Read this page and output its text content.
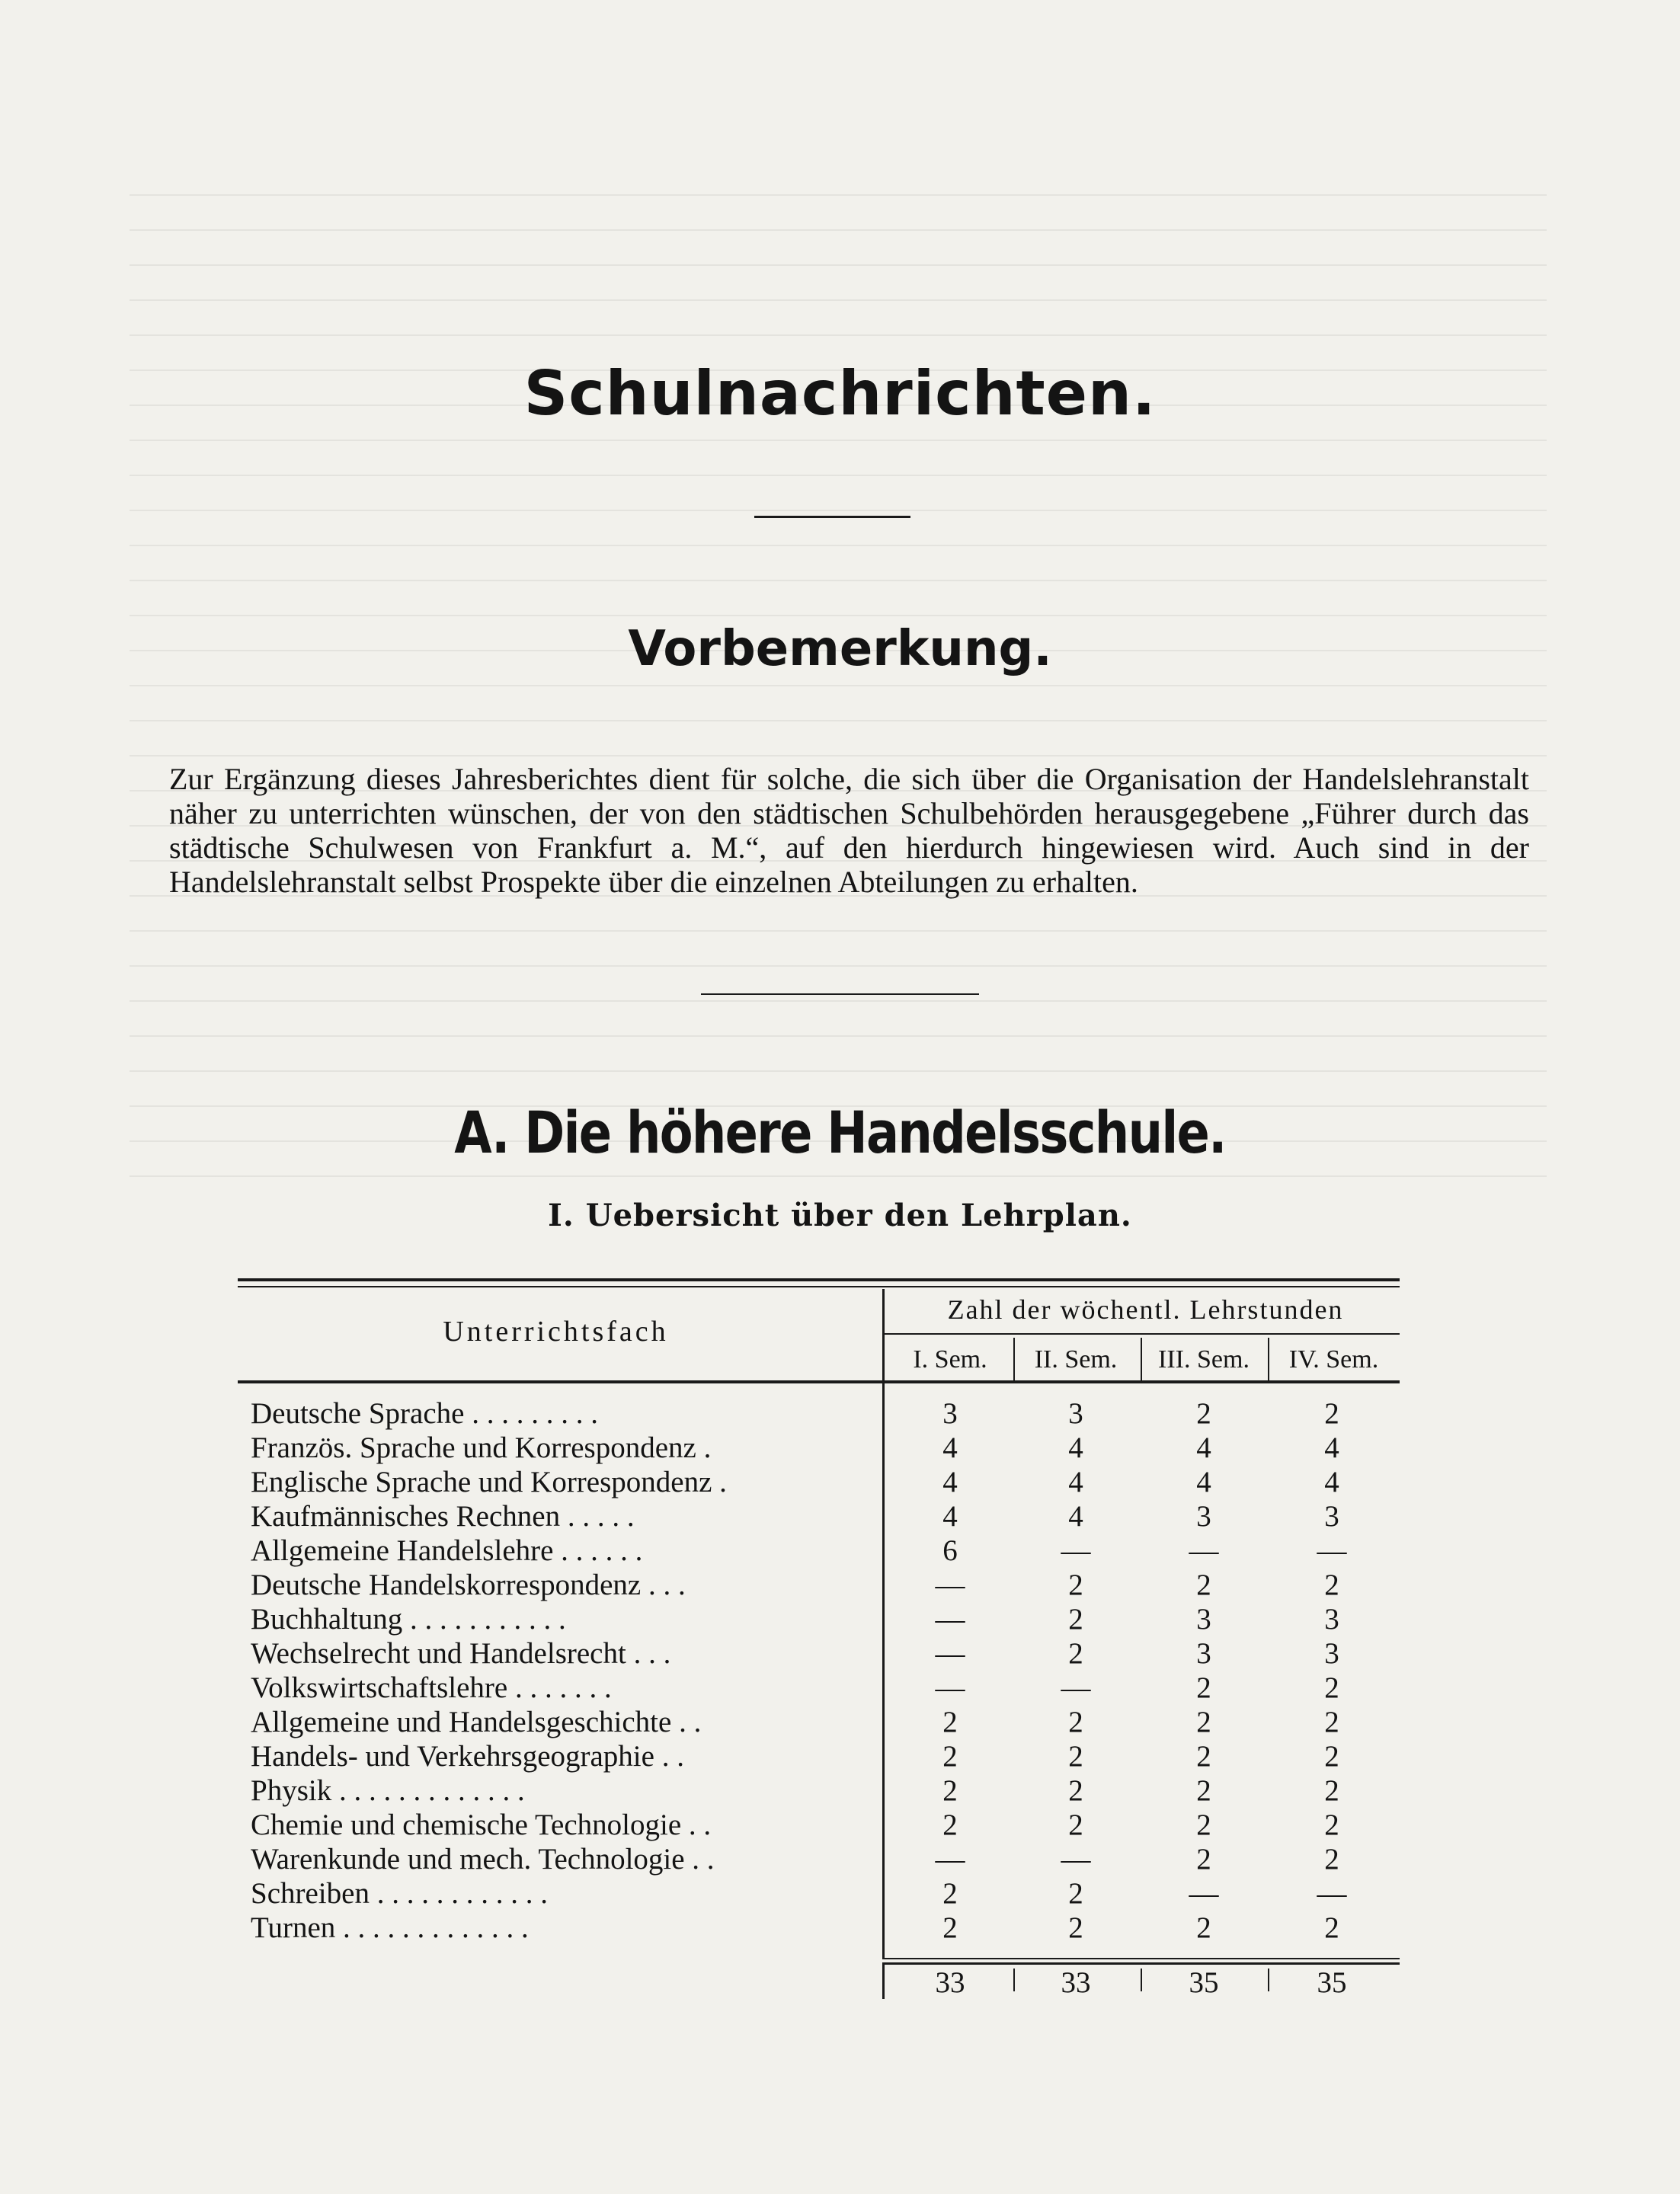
Schulnachrichten.
Vorbemerkung.

Zur Ergänzung dieses Jahresberichtes dient für solche, die sich über die Organisation der Handelslehranstalt näher zu unterrichten wünschen, der von den städtischen Schulbehörden herausgegebene „Führer durch das städtische Schulwesen von Frankfurt a. M.“, auf den hierdurch hingewiesen wird. Auch sind in der Handelslehranstalt selbst Prospekte über die einzelnen Abteilungen zu erhalten.

A. Die höhere Handelsschule.
I. Uebersicht über den Lehrplan.
Unterrichtsfach
Zahl der wöchentl. Lehrstunden
I. Sem.	II. Sem.	III. Sem.	IV. Sem.
Deutsche Sprache . . . . . . . . .	3	3	2	2
Französ. Sprache und Korrespondenz .	4	4	4	4
Englische Sprache und Korrespondenz .	4	4	4	4
Kaufmännisches Rechnen . . . . .	4	4	3	3
Allgemeine Handelslehre . . . . . .	6	—	—	—
Deutsche Handelskorrespondenz . . .	—	2	2	2
Buchhaltung . . . . . . . . . . .	—	2	3	3
Wechselrecht und Handelsrecht . . .	—	2	3	3
Volkswirtschaftslehre . . . . . . .	—	—	2	2
Allgemeine und Handelsgeschichte . .	2	2	2	2
Handels- und Verkehrsgeographie . .	2	2	2	2
Physik . . . . . . . . . . . . .	2	2	2	2
Chemie und chemische Technologie . .	2	2	2	2
Warenkunde und mech. Technologie . .	—	—	2	2
Schreiben . . . . . . . . . . . .	2	2	—	—
Turnen . . . . . . . . . . . . .	2	2	2	2
33	33	35	35
